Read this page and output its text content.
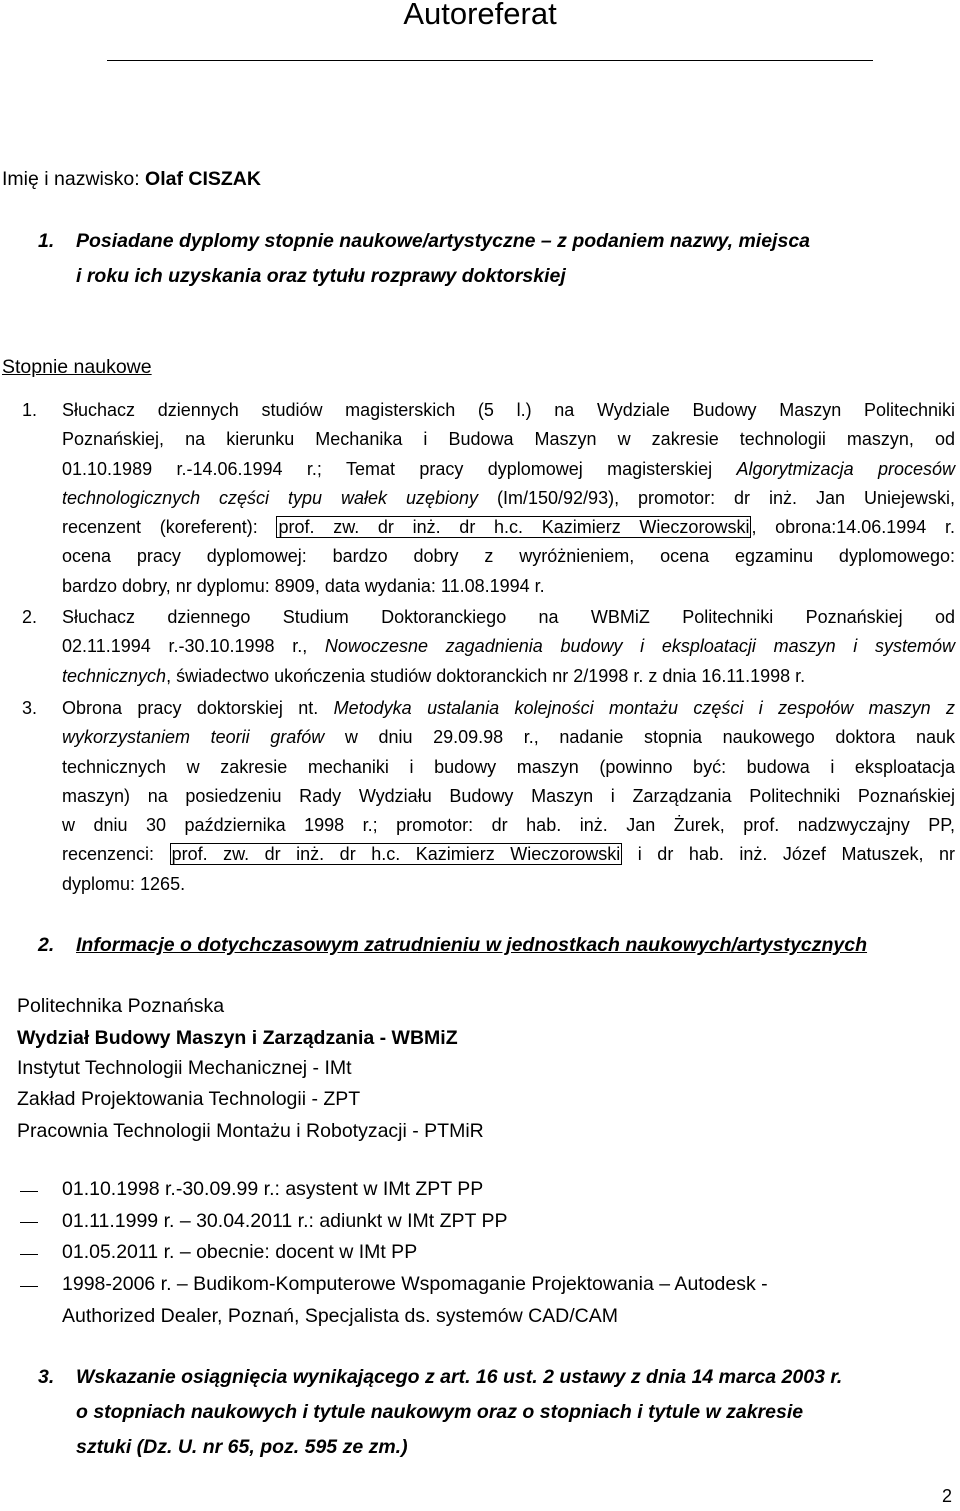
Autoreferat
Imię i nazwisko: Olaf CISZAK
1. Posiadane dyplomy stopnie naukowe/artystyczne – z podaniem nazwy, miejsca
i roku ich uzyskania oraz tytułu rozprawy doktorskiej
Stopnie naukowe
1. Słuchacz dziennych studiów magisterskich (5 l.) na Wydziale Budowy Maszyn Politechniki
Poznańskiej, na kierunku Mechanika i Budowa Maszyn w zakresie technologii maszyn, od
01.10.1989 r.-14.06.1994 r.; Temat pracy dyplomowej magisterskiej Algorytmizacja procesów
technologicznych części typu wałek uzębiony (Im/150/92/93), promotor: dr inż. Jan Uniejewski,
recenzent (koreferent): prof. zw. dr inż. dr h.c. Kazimierz Wieczorowski , obrona:14.06.1994 r.
ocena pracy dyplomowej: bardzo dobry z wyróżnieniem, ocena egzaminu dyplomowego:
bardzo dobry, nr dyplomu: 8909, data wydania: 11.08.1994 r.
2. Słuchacz dziennego Studium Doktoranckiego na WBMiZ Politechniki Poznańskiej od
02.11.1994 r.-30.10.1998 r., Nowoczesne zagadnienia budowy i eksploatacji maszyn i systemów
technicznych, świadectwo ukończenia studiów doktoranckich nr 2/1998 r. z dnia 16.11.1998 r.
3. Obrona pracy doktorskiej nt. Metodyka ustalania kolejności montażu części i zespołów maszyn z
wykorzystaniem teorii grafów w dniu 29.09.98 r., nadanie stopnia naukowego doktora nauk
technicznych w zakresie mechaniki i budowy maszyn (powinno być: budowa i eksploatacja
maszyn) na posiedzeniu Rady Wydziału Budowy Maszyn i Zarządzania Politechniki Poznańskiej
w dniu 30 października 1998 r.; promotor: dr hab. inż. Jan Żurek, prof. nadzwyczajny PP,
recenzenci: prof. zw. dr inż. dr h.c. Kazimierz Wieczorowski i dr hab. inż. Józef Matuszek, nr
dyplomu: 1265.
2. Informacje o dotychczasowym zatrudnieniu w jednostkach naukowych/artystycznych
Politechnika Poznańska
Wydział Budowy Maszyn i Zarządzania - WBMiZ
Instytut Technologii Mechanicznej - IMt
Zakład Projektowania Technologii - ZPT
Pracownia Technologii Montażu i Robotyzacji - PTMiR
01.10.1998 r.-30.09.99 r.: asystent w IMt ZPT PP
01.11.1999 r. – 30.04.2011 r.: adiunkt w IMt ZPT PP
01.05.2011 r. – obecnie: docent w IMt PP
1998-2006 r. – Budikom-Komputerowe Wspomaganie Projektowania – Autodesk -
Authorized Dealer, Poznań, Specjalista ds. systemów CAD/CAM
3. Wskazanie osiągnięcia wynikającego z art. 16 ust. 2 ustawy z dnia 14 marca 2003 r.
o stopniach naukowych i tytule naukowym oraz o stopniach i tytule w zakresie
sztuki (Dz. U. nr 65, poz. 595 ze zm.)
2
